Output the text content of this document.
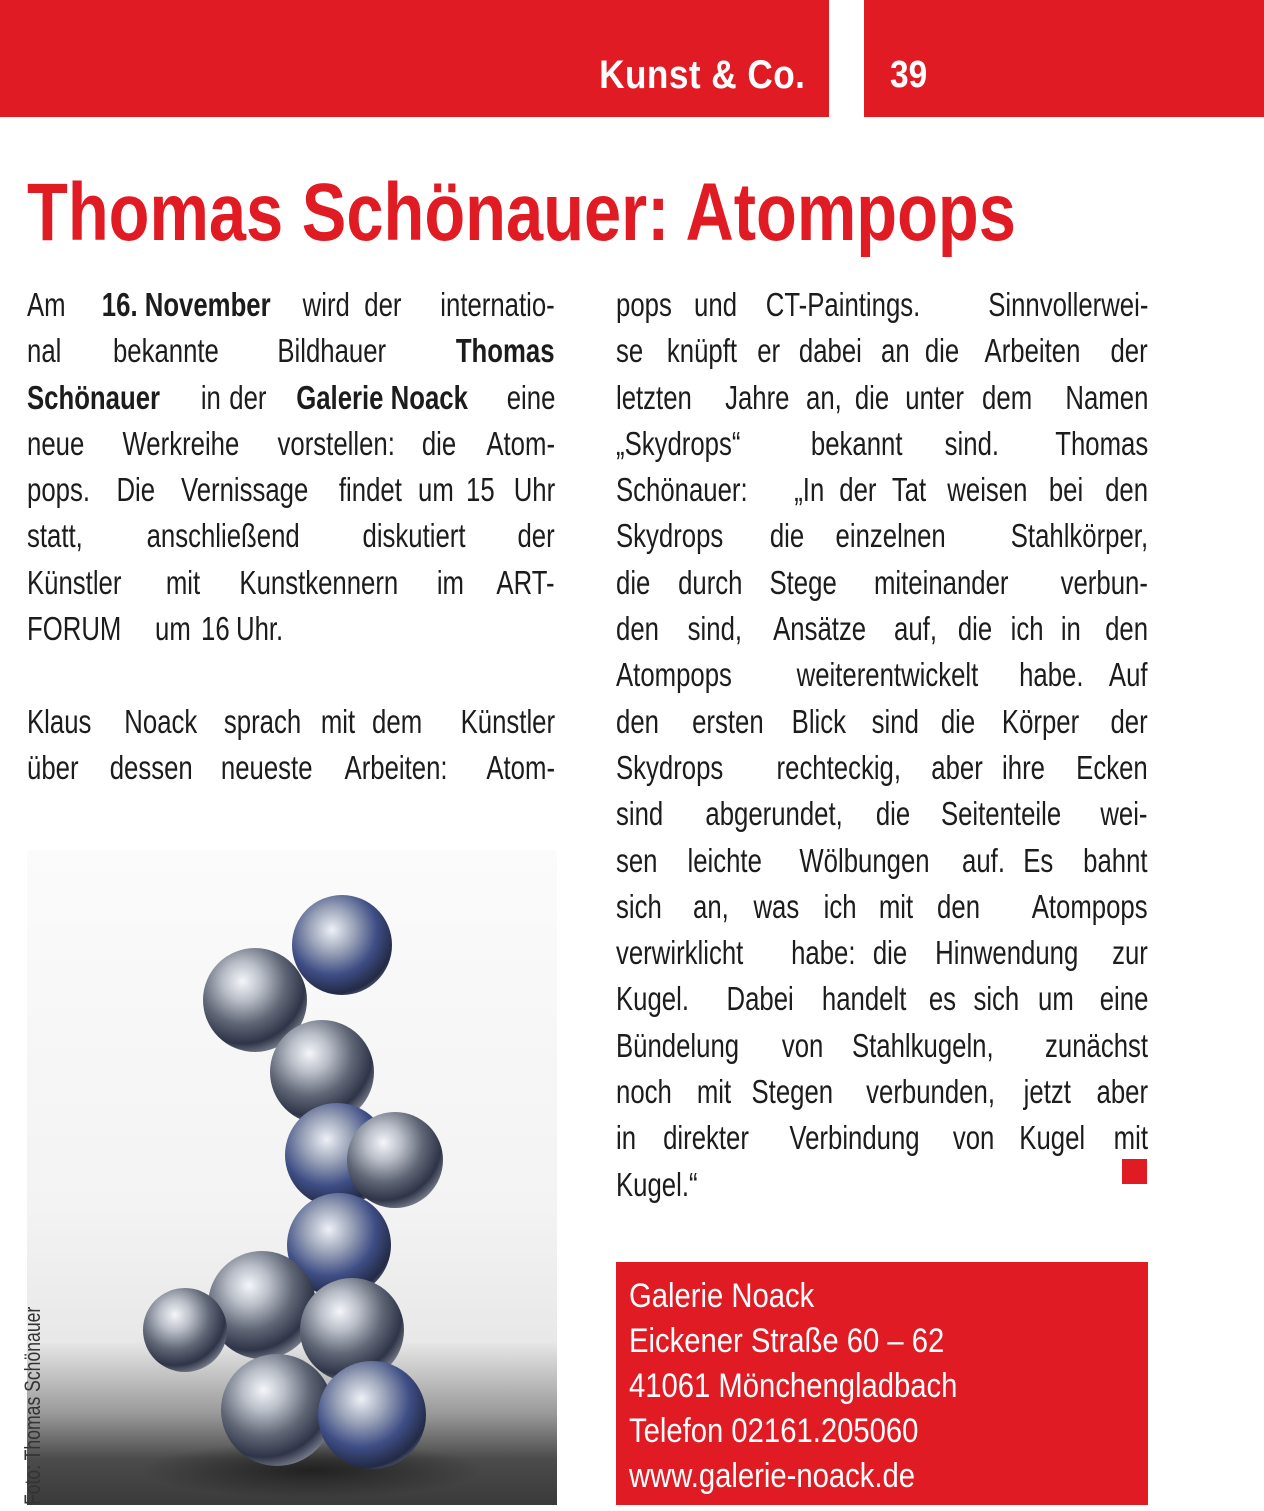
Kunst & Co. 39
Thomas Schönauer: Atompops
Am 16. November wird der internatio-
nal bekannte Bildhauer Thomas
Schönauer in der Galerie Noack eine
neue Werkreihe vorstellen: die Atom-
pops. Die Vernissage findet um 15 Uhr
statt, anschließend diskutiert der
Künstler mit Kunstkennern im ART-
FORUM um 16 Uhr.
Klaus Noack sprach mit dem Künstler
über dessen neueste Arbeiten: Atom-
pops und CT-Paintings. Sinnvollerwei-
se knüpft er dabei an die Arbeiten der
letzten Jahre an, die unter dem Namen
„Skydrops“ bekannt sind. Thomas
Schönauer: „In der Tat weisen bei den
Skydrops die einzelnen Stahlkörper,
die durch Stege miteinander verbun-
den sind, Ansätze auf, die ich in den
Atompops weiterentwickelt habe. Auf
den ersten Blick sind die Körper der
Skydrops rechteckig, aber ihre Ecken
sind abgerundet, die Seitenteile wei-
sen leichte Wölbungen auf. Es bahnt
sich an, was ich mit den Atompops
verwirklicht habe: die Hinwendung zur
Kugel. Dabei handelt es sich um eine
Bündelung von Stahlkugeln, zunächst
noch mit Stegen verbunden, jetzt aber
in direkter Verbindung von Kugel mit
Kugel.“
Foto: Thomas Schönauer
Galerie Noack
Eickener Straße 60 – 62
41061 Mönchengladbach
Telefon 02161.205060
www.galerie-noack.de
